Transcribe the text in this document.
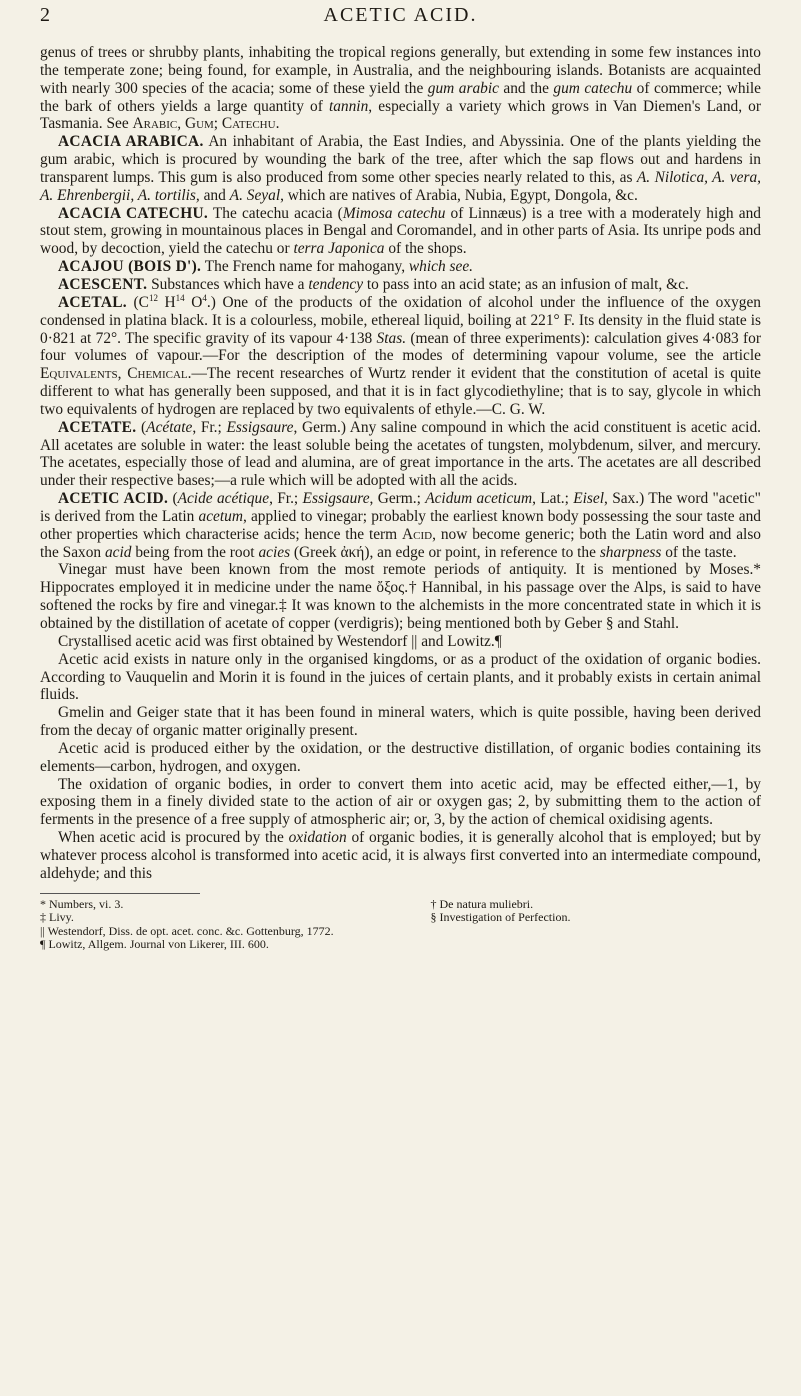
2	ACETIC ACID.

genus of trees or shrubby plants, inhabiting the tropical regions generally, but extending in some few instances into the temperate zone; being found, for example, in Australia, and the neighbouring islands. Botanists are acquainted with nearly 300 species of the acacia; some of these yield the gum arabic and the gum catechu of commerce; while the bark of others yields a large quantity of tannin, especially a variety which grows in Van Diemen's Land, or Tasmania. See Arabic, Gum; Catechu.

ACACIA ARABICA. An inhabitant of Arabia, the East Indies, and Abyssinia. One of the plants yielding the gum arabic, which is procured by wounding the bark of the tree, after which the sap flows out and hardens in transparent lumps. This gum is also produced from some other species nearly related to this, as A. Nilotica, A. vera, A. Ehrenbergii, A. tortilis, and A. Seyal, which are natives of Arabia, Nubia, Egypt, Dongola, &c.

ACACIA CATECHU. The catechu acacia (Mimosa catechu of Linnæus) is a tree with a moderately high and stout stem, growing in mountainous places in Bengal and Coromandel, and in other parts of Asia. Its unripe pods and wood, by decoction, yield the catechu or terra Japonica of the shops.

ACAJOU (BOIS D'). The French name for mahogany, which see.

ACESCENT. Substances which have a tendency to pass into an acid state; as an infusion of malt, &c.

ACETAL. ($C^{12}$ $H^{14}$ $O^4$.) One of the products of the oxidation of alcohol under the influence of the oxygen condensed in platina black. It is a colourless, mobile, ethereal liquid, boiling at 221° F. Its density in the fluid state is 0·821 at 72°. The specific gravity of its vapour 4·138 Stas. (mean of three experiments): calculation gives 4·083 for four volumes of vapour.—For the description of the modes of determining vapour volume, see the article Equivalents, Chemical.—The recent researches of Wurtz render it evident that the constitution of acetal is quite different to what has generally been supposed, and that it is in fact glycodiethyline; that is to say, glycole in which two equivalents of hydrogen are replaced by two equivalents of ethyle.—C. G. W.

ACETATE. (Acétate, Fr.; Essigsaure, Germ.) Any saline compound in which the acid constituent is acetic acid. All acetates are soluble in water: the least soluble being the acetates of tungsten, molybdenum, silver, and mercury. The acetates, especially those of lead and alumina, are of great importance in the arts. The acetates are all described under their respective bases;—a rule which will be adopted with all the acids.

ACETIC ACID. (Acide acétique, Fr.; Essigsaure, Germ.; Acidum aceticum, Lat.; Eisel, Sax.) The word "acetic" is derived from the Latin acetum, applied to vinegar; probably the earliest known body possessing the sour taste and other properties which characterise acids; hence the term Acid, now become generic; both the Latin word and also the Saxon acid being from the root acies (Greek ἀκή), an edge or point, in reference to the sharpness of the taste.

Vinegar must have been known from the most remote periods of antiquity. It is mentioned by Moses.* Hippocrates employed it in medicine under the name ὄξος.† Hannibal, in his passage over the Alps, is said to have softened the rocks by fire and vinegar.‡ It was known to the alchemists in the more concentrated state in which it is obtained by the distillation of acetate of copper (verdigris); being mentioned both by Geber § and Stahl.

Crystallised acetic acid was first obtained by Westendorf || and Lowitz.¶

Acetic acid exists in nature only in the organised kingdoms, or as a product of the oxidation of organic bodies. According to Vauquelin and Morin it is found in the juices of certain plants, and it probably exists in certain animal fluids.

Gmelin and Geiger state that it has been found in mineral waters, which is quite possible, having been derived from the decay of organic matter originally present.

Acetic acid is produced either by the oxidation, or the destructive distillation, of organic bodies containing its elements—carbon, hydrogen, and oxygen.

The oxidation of organic bodies, in order to convert them into acetic acid, may be effected either,—1, by exposing them in a finely divided state to the action of air or oxygen gas; 2, by submitting them to the action of ferments in the presence of a free supply of atmospheric air; or, 3, by the action of chemical oxidising agents.

When acetic acid is procured by the oxidation of organic bodies, it is generally alcohol that is employed; but by whatever process alcohol is transformed into acetic acid, it is always first converted into an intermediate compound, aldehyde; and this

* Numbers, vi. 3.
‡ Livy.
|| Westendorf, Diss. de opt. acet. conc. &c. Gottenburg, 1772.
¶ Lowitz, Allgem. Journal von Likerer, III. 600.
† De natura muliebri.
§ Investigation of Perfection.
